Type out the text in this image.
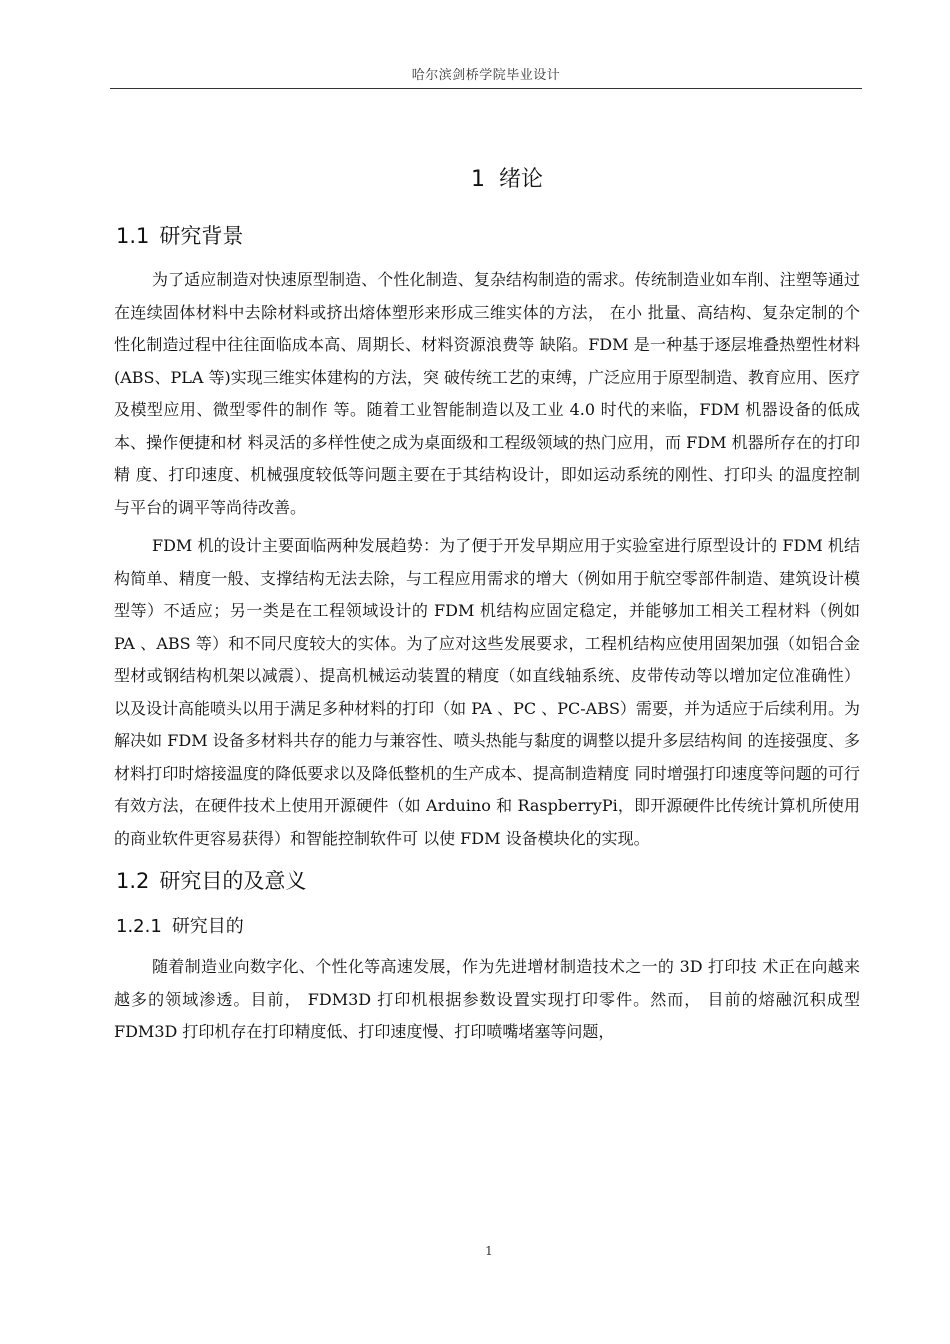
哈尔滨剑桥学院毕业设计
1 绪论
1.1 研究背景

为了适应制造对快速原型制造、个性化制造、复杂结构制造的需求。传统制造业如车削、注塑等通过在连续固体材料中去除材料或挤出熔体塑形来形成三维实体的方法， 在小 批量、高结构、复杂定制的个性化制造过程中往往面临成本高、周期长、材料资源浪费等 缺陷。FDM 是一种基于逐层堆叠热塑性材料(ABS、PLA 等)实现三维实体建构的方法，突 破传统工艺的束缚，广泛应用于原型制造、教育应用、医疗及模型应用、微型零件的制作 等。随着工业智能制造以及工业 4.0 时代的来临，FDM 机器设备的低成本、操作便捷和材 料灵活的多样性使之成为桌面级和工程级领域的热门应用，而 FDM 机器所存在的打印精 度、打印速度、机械强度较低等问题主要在于其结构设计，即如运动系统的刚性、打印头 的温度控制与平台的调平等尚待改善。

FDM 机的设计主要面临两种发展趋势：为了便于开发早期应用于实验室进行原型设计的 FDM 机结构简单、精度一般、支撑结构无法去除，与工程应用需求的增大（例如用于航空零部件制造、建筑设计模型等）不适应；另一类是在工程领域设计的 FDM 机结构应固定稳定，并能够加工相关工程材料（例如 PA 、ABS 等）和不同尺度较大的实体。为了应对这些发展要求，工程机结构应使用固架加强（如铝合金型材或钢结构机架以减震）、提高机械运动装置的精度（如直线轴系统、皮带传动等以增加定位准确性） 以及设计高能喷头以用于满足多种材料的打印（如 PA 、PC 、PC-ABS）需要，并为适应于后续利用。为 解决如 FDM 设备多材料共存的能力与兼容性、喷头热能与黏度的调整以提升多层结构间 的连接强度、多材料打印时熔接温度的降低要求以及降低整机的生产成本、提高制造精度 同时增强打印速度等问题的可行有效方法，在硬件技术上使用开源硬件（如 Arduino 和 RaspberryPi，即开源硬件比传统计算机所使用的商业软件更容易获得）和智能控制软件可 以使 FDM 设备模块化的实现。

1.2 研究目的及意义
1.2.1 研究目的

随着制造业向数字化、个性化等高速发展，作为先进增材制造技术之一的 3D 打印技 术正在向越来越多的领域渗透。目前， FDM3D 打印机根据参数设置实现打印零件。然而， 目前的熔融沉积成型 FDM3D 打印机存在打印精度低、打印速度慢、打印喷嘴堵塞等问题，

1
